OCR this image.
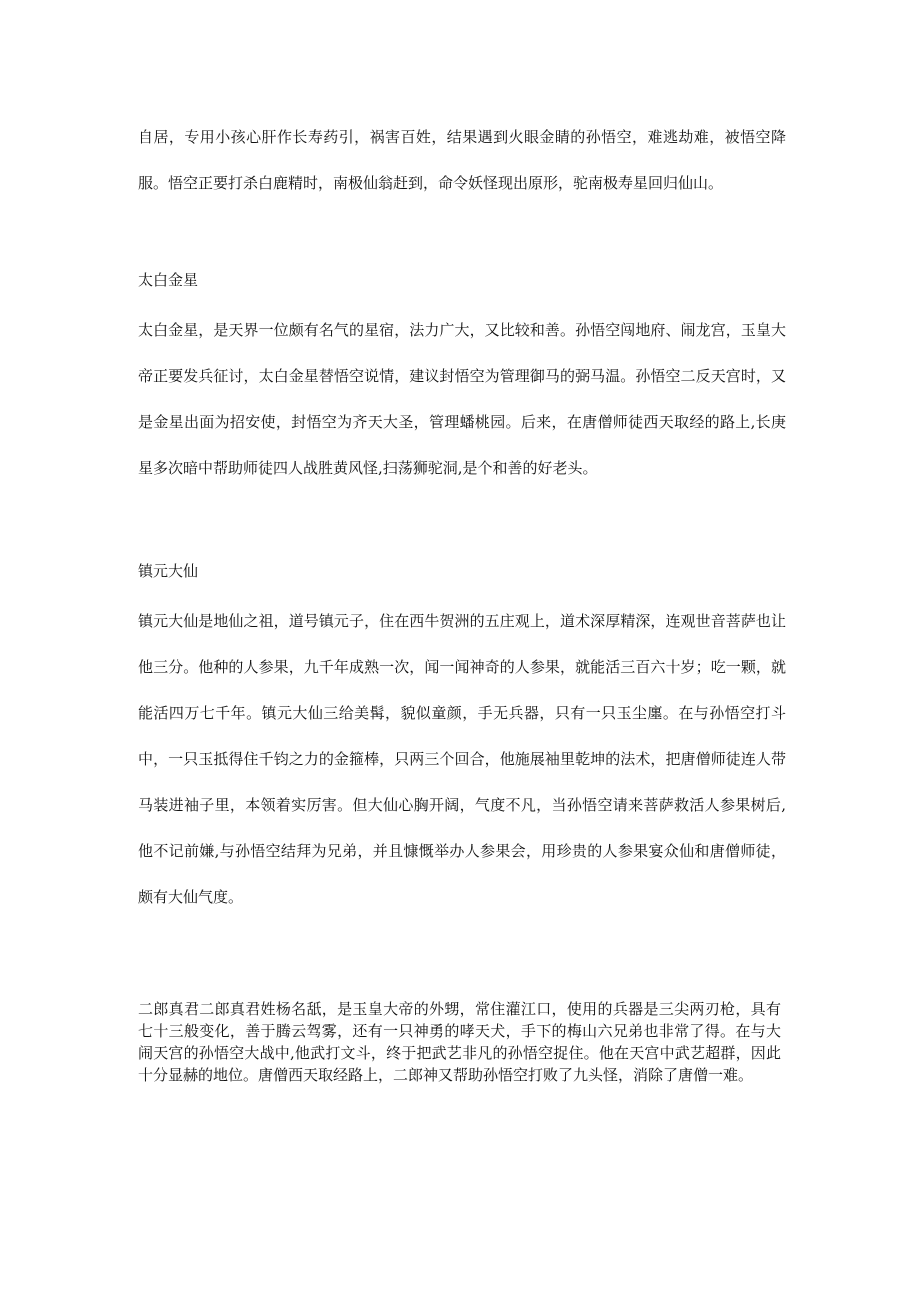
自居，专用小孩心肝作长寿药引，祸害百姓，结果遇到火眼金睛的孙悟空，难逃劫难，被悟空降服。悟空正要打杀白鹿精时，南极仙翁赶到，命令妖怪现出原形，驼南极寿星回归仙山。

太白金星

太白金星，是天界一位颇有名气的星宿，法力广大，又比较和善。孙悟空闯地府、闹龙宫，玉皇大帝正要发兵征讨，太白金星替悟空说情，建议封悟空为管理御马的弼马温。孙悟空二反天宫时，又是金星出面为招安使，封悟空为齐天大圣，管理蟠桃园。后来，在唐僧师徒西天取经的路上,长庚星多次暗中帮助师徒四人战胜黄风怪,扫荡狮驼洞,是个和善的好老头。

镇元大仙

镇元大仙是地仙之祖，道号镇元子，住在西牛贺洲的五庄观上，道术深厚精深，连观世音菩萨也让他三分。他种的人参果，九千年成熟一次，闻一闻神奇的人参果，就能活三百六十岁；吃一颗，就能活四万七千年。镇元大仙三给美髯，貌似童颜，手无兵器，只有一只玉尘廛。在与孙悟空打斗中，一只玉抵得住千钧之力的金箍棒，只两三个回合，他施展袖里乾坤的法术，把唐僧师徒连人带马装进袖子里，本领着实厉害。但大仙心胸开阔，气度不凡，当孙悟空请来菩萨救活人参果树后,他不记前嫌,与孙悟空结拜为兄弟，并且慷慨举办人参果会，用珍贵的人参果宴众仙和唐僧师徒，颇有大仙气度。

二郎真君二郎真君姓杨名舐，是玉皇大帝的外甥，常住灌江口，使用的兵器是三尖两刃枪，具有七十三般变化，善于腾云驾雾，还有一只神勇的哮天犬，手下的梅山六兄弟也非常了得。在与大闹天宫的孙悟空大战中,他武打文斗，终于把武艺非凡的孙悟空捉住。他在天宫中武艺超群，因此十分显赫的地位。唐僧西天取经路上，二郎神又帮助孙悟空打败了九头怪，消除了唐僧一难。
